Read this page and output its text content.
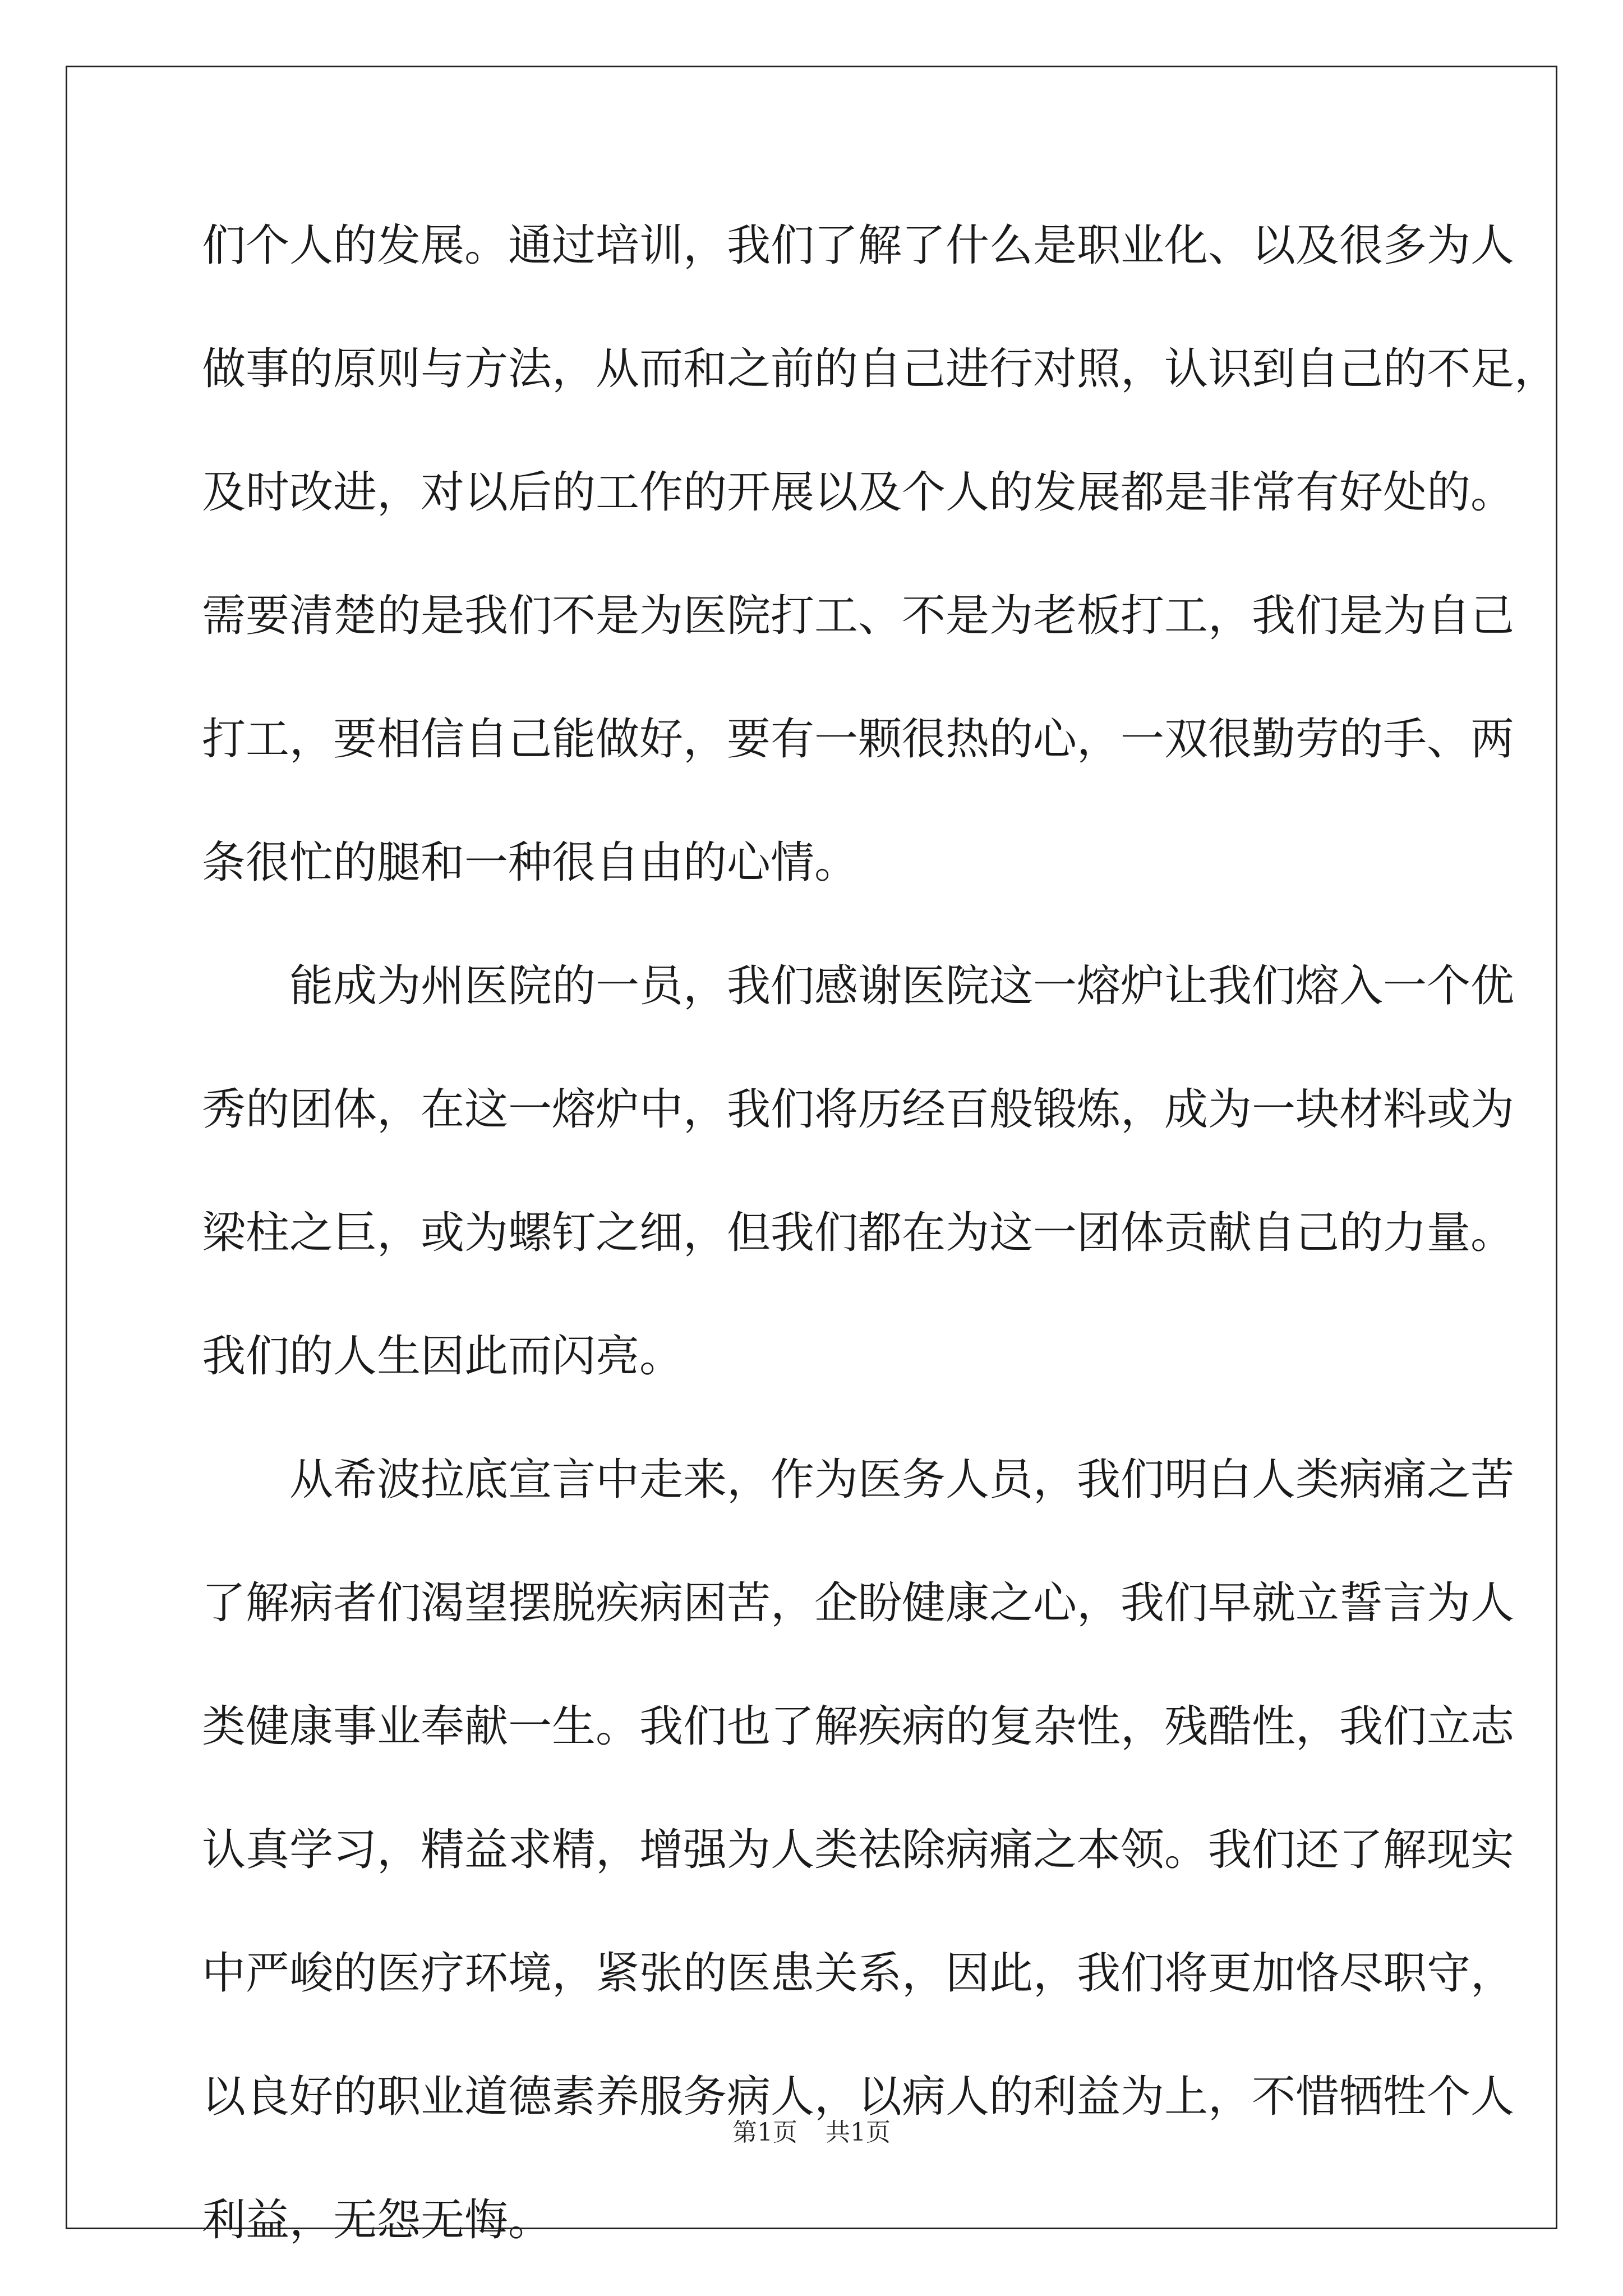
们个人的发展。通过培训，我们了解了什么是职业化、以及很多为人
做事的原则与方法，从而和之前的自己进行对照，认识到自己的不足，
及时改进，对以后的工作的开展以及个人的发展都是非常有好处的。
需要清楚的是我们不是为医院打工、不是为老板打工，我们是为自己
打工，要相信自己能做好，要有一颗很热的心，一双很勤劳的手、两
条很忙的腿和一种很自由的心情。
　　能成为州医院的一员，我们感谢医院这一熔炉让我们熔入一个优
秀的团体，在这一熔炉中，我们将历经百般锻炼，成为一块材料或为
梁柱之巨，或为螺钉之细，但我们都在为这一团体贡献自己的力量。
我们的人生因此而闪亮。
　　从希波拉底宣言中走来，作为医务人员，我们明白人类病痛之苦
了解病者们渴望摆脱疾病困苦，企盼健康之心，我们早就立誓言为人
类健康事业奉献一生。我们也了解疾病的复杂性，残酷性，我们立志
认真学习，精益求精，增强为人类祛除病痛之本领。我们还了解现实
中严峻的医疗环境，紧张的医患关系，因此，我们将更加恪尽职守，
以良好的职业道德素养服务病人，以病人的利益为上，不惜牺牲个人
利益，无怨无悔。
第1页 共1页
